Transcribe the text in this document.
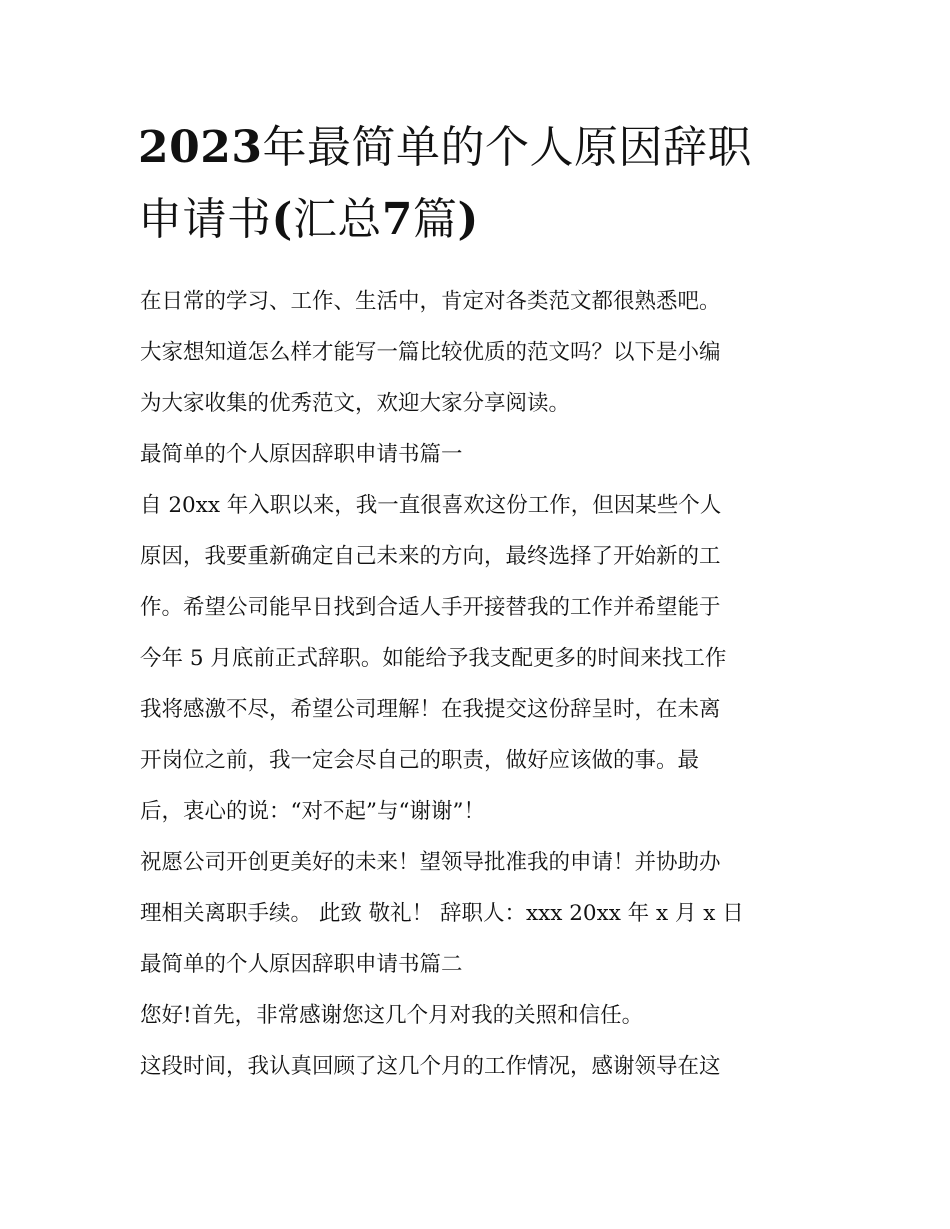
2023年最简单的个人原因辞职
申请书(汇总7篇)
在日常的学习、工作、生活中，肯定对各类范文都很熟悉吧。
大家想知道怎么样才能写一篇比较优质的范文吗？以下是小编
为大家收集的优秀范文，欢迎大家分享阅读。
最简单的个人原因辞职申请书篇一
自 20xx 年入职以来，我一直很喜欢这份工作，但因某些个人
原因，我要重新确定自己未来的方向，最终选择了开始新的工
作。希望公司能早日找到合适人手开接替我的工作并希望能于
今年 5 月底前正式辞职。如能给予我支配更多的时间来找工作
我将感激不尽，希望公司理解！在我提交这份辞呈时，在未离
开岗位之前，我一定会尽自己的职责，做好应该做的事。最
后，衷心的说：“对不起”与“谢谢”！
祝愿公司开创更美好的未来！望领导批准我的申请！并协助办
理相关离职手续。 此致 敬礼！ 辞职人：xxx 20xx 年 x 月 x 日
最简单的个人原因辞职申请书篇二
您好!首先，非常感谢您这几个月对我的关照和信任。
这段时间，我认真回顾了这几个月的工作情况，感谢领导在这
